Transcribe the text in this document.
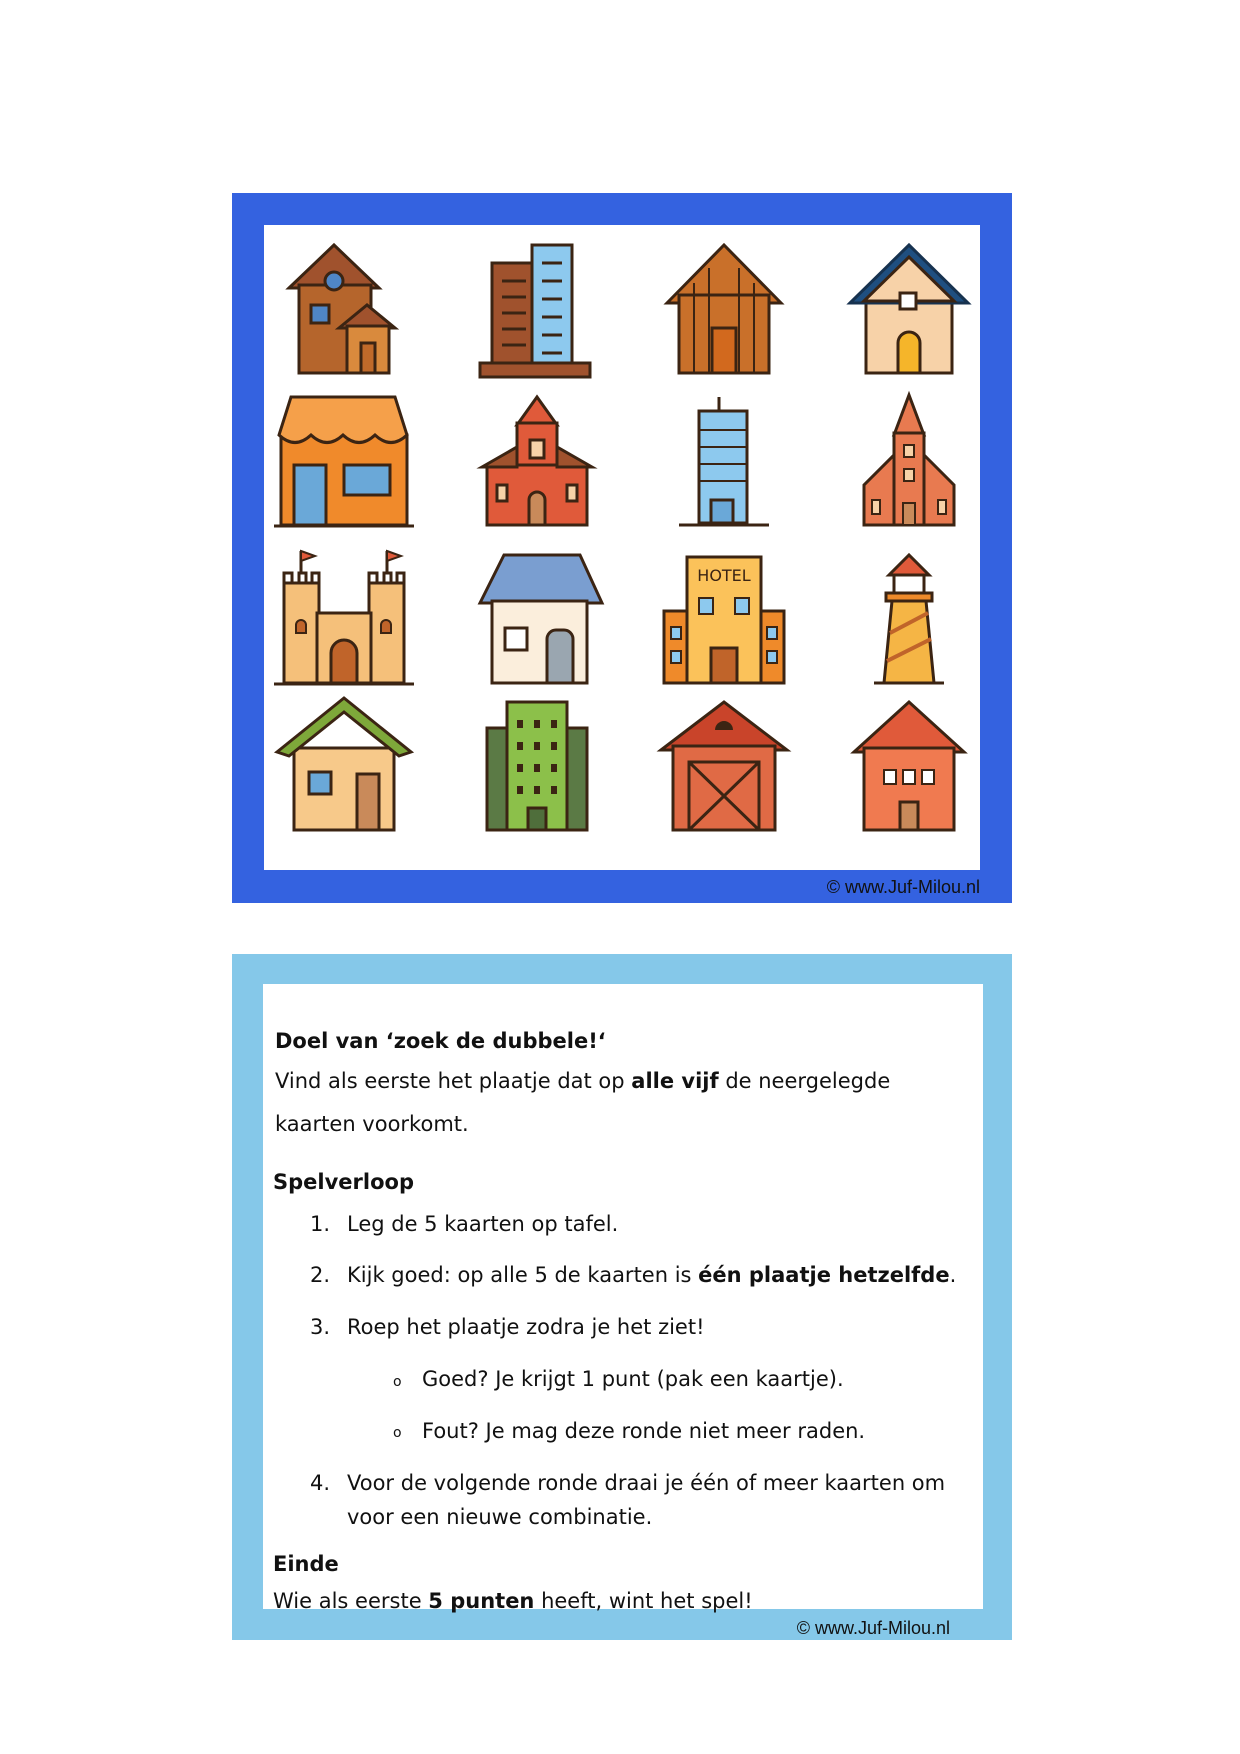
HOTEL
© www.Juf-Milou.nl
Doel van ‘zoek de dubbele!‘
Vind als eerste het plaatje dat op alle vijf de neergelegde
kaarten voorkomt.
Spelverloop
1. Leg de 5 kaarten op tafel.
2. Kijk goed: op alle 5 de kaarten is één plaatje hetzelfde.
3. Roep het plaatje zodra je het ziet!
o Goed? Je krijgt 1 punt (pak een kaartje).
o Fout? Je mag deze ronde niet meer raden.
4. Voor de volgende ronde draai je één of meer kaarten om
voor een nieuwe combinatie.
Einde
Wie als eerste 5 punten heeft, wint het spel!
© www.Juf-Milou.nl
